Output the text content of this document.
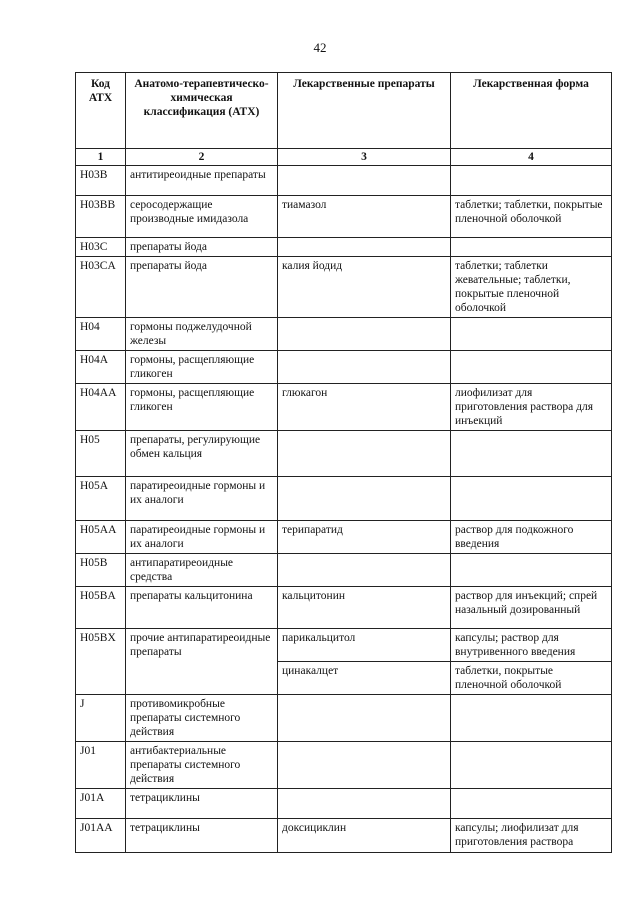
42
Код АТХ	Анатомо-терапевтическо-химическая классификация (АТХ)	Лекарственные препараты	Лекарственная форма
1	2	3	4
H03B	антитиреоидные препараты		
H03BB	серосодержащие производные имидазола	тиамазол	таблетки; таблетки, покрытые пленочной оболочкой
H03C	препараты йода		
H03CA	препараты йода	калия йодид	таблетки; таблетки жевательные; таблетки, покрытые пленочной оболочкой
H04	гормоны поджелудочной железы		
H04A	гормоны, расщепляющие гликоген		
H04AA	гормоны, расщепляющие гликоген	глюкагон	лиофилизат для приготовления раствора для инъекций
H05	препараты, регулирующие обмен кальция		
H05A	паратиреоидные гормоны и их аналоги		
H05AA	паратиреоидные гормоны и их аналоги	терипаратид	раствор для подкожного введения
H05B	антипаратиреоидные средства		
H05BA	препараты кальцитонина	кальцитонин	раствор для инъекций; спрей назальный дозированный
H05BX	прочие антипаратиреоидные препараты	парикальцитол	капсулы; раствор для внутривенного введения
		цинакалцет	таблетки, покрытые пленочной оболочкой
J	противомикробные препараты системного действия		
J01	антибактериальные препараты системного действия		
J01A	тетрациклины		
J01AA	тетрациклины	доксициклин	капсулы; лиофилизат для приготовления раствора
